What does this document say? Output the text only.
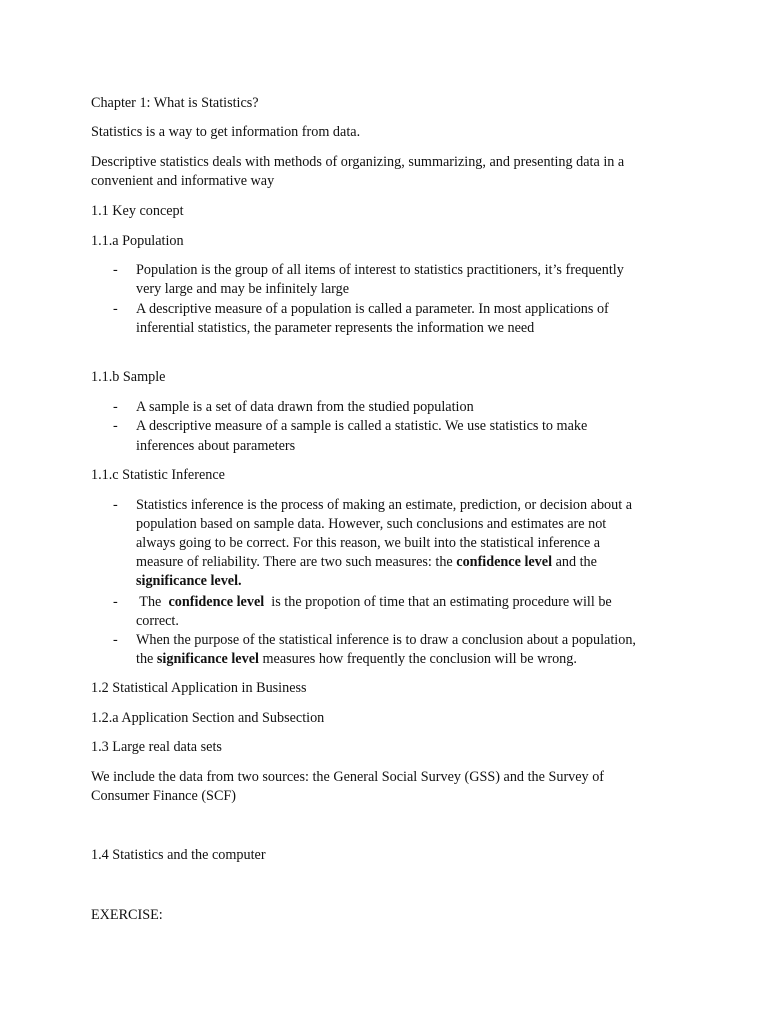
Chapter 1: What is Statistics?

Statistics is a way to get information from data.

Descriptive statistics deals with methods of organizing, summarizing, and presenting data in a

convenient and informative way

1.1 Key concept

1.1.a Population

- Population is the group of all items of interest to statistics practitioners, it’s frequently

very large and may be infinitely large

- A descriptive measure of a population is called a parameter. In most applications of

inferential statistics, the parameter represents the information we need

1.1.b Sample

- A sample is a set of data drawn from the studied population

- A descriptive measure of a sample is called a statistic. We use statistics to make

inferences about parameters

1.1.c Statistic Inference

- Statistics inference is the process of making an estimate, prediction, or decision about a

population based on sample data. However, such conclusions and estimates are not

always going to be correct. For this reason, we built into the statistical inference a

measure of reliability. There are two such measures: the confidence level and the

significance level.

- The  confidence level  is the propotion of time that an estimating procedure will be

correct.

- When the purpose of the statistical inference is to draw a conclusion about a population,

the significance level measures how frequently the conclusion will be wrong.

1.2 Statistical Application in Business

1.2.a Application Section and Subsection

1.3 Large real data sets

We include the data from two sources: the General Social Survey (GSS) and the Survey of

Consumer Finance (SCF)

1.4 Statistics and the computer

EXERCISE:
